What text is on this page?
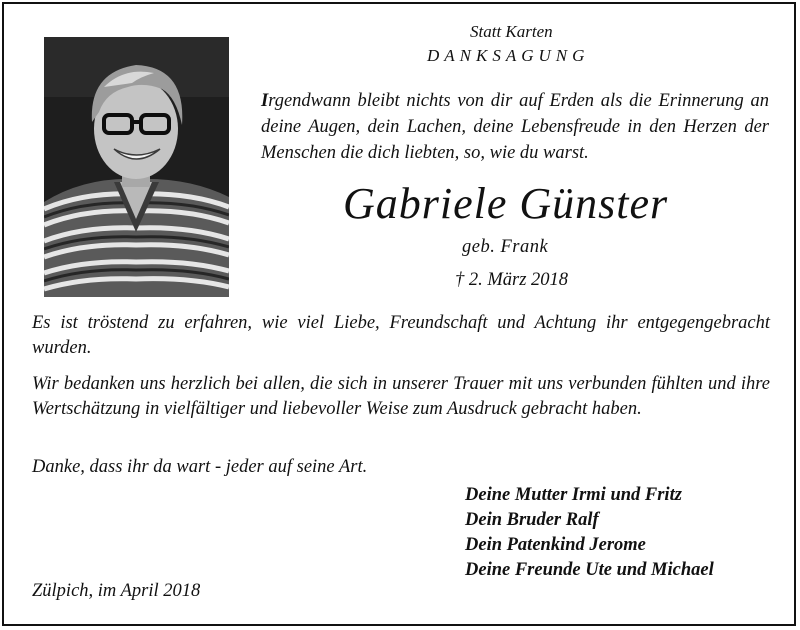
Statt Karten
DANKSAGUNG
Irgendwann bleibt nichts von dir auf Erden als die Erinnerung an deine Augen, dein Lachen, deine Lebensfreude in den Herzen der Menschen die dich liebten, so, wie du warst.
Gabriele Günster
geb. Frank
† 2. März 2018
Es ist tröstend zu erfahren, wie viel Liebe, Freundschaft und Achtung ihr entgegengebracht wurden.
Wir bedanken uns herzlich bei allen, die sich in unserer Trauer mit uns verbunden fühlten und ihre Wertschätzung in vielfältiger und liebevoller Weise zum Ausdruck gebracht haben.
Danke, dass ihr da wart - jeder auf seine Art.
Deine Mutter Irmi und Fritz
Dein Bruder Ralf
Dein Patenkind Jerome
Deine Freunde Ute und Michael
Zülpich, im April 2018
